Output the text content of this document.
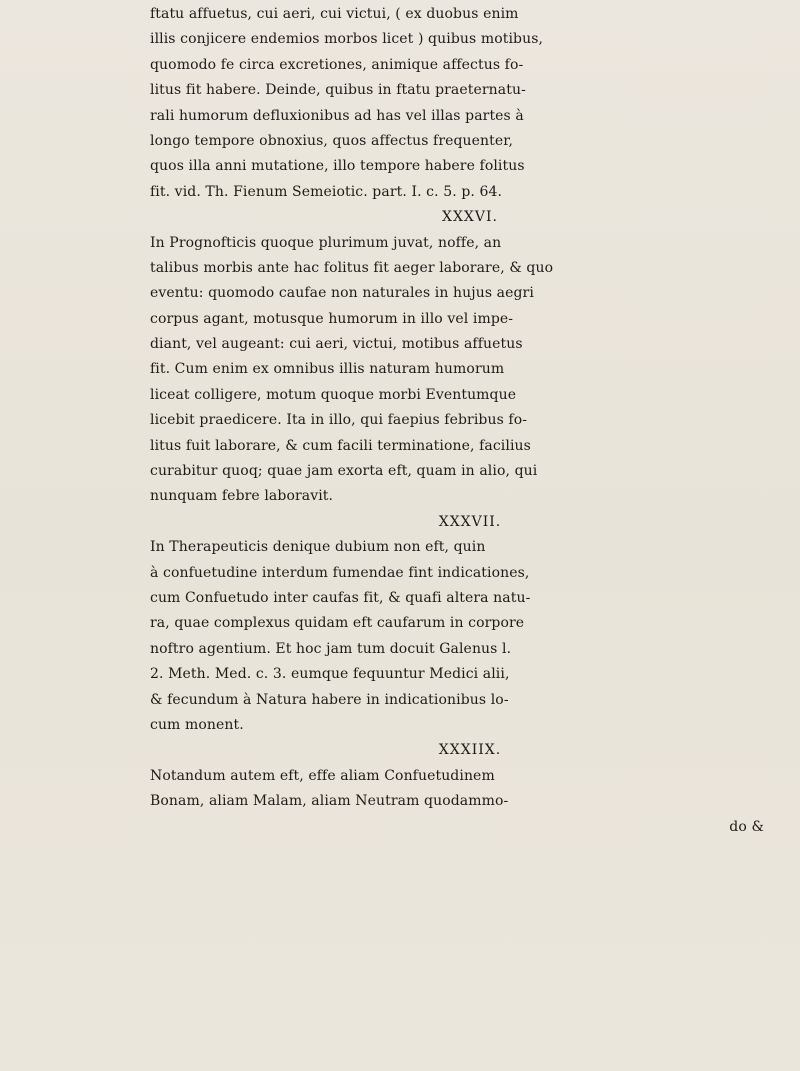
ftatu affuetus, cui aeri, cui victui, ( ex duobus enim
illis conjicere endemios morbos licet ) quibus motibus,
quomodo fe circa excretiones, animique affectus fo-
litus fit habere. Deinde, quibus in ftatu praeternatu-
rali humorum defluxionibus ad has vel illas partes à
longo tempore obnoxius, quos affectus frequenter,
quos illa anni mutatione, illo tempore habere folitus
fit. vid. Th. Fienum Semeiotic. part. I. c. 5. p. 64.
XXXVI.
In Prognofticis quoque plurimum juvat, noffe, an
talibus morbis ante hac folitus fit aeger laborare, & quo
eventu: quomodo caufae non naturales in hujus aegri
corpus agant, motusque humorum in illo vel impe-
diant, vel augeant: cui aeri, victui, motibus affuetus
fit. Cum enim ex omnibus illis naturam humorum
liceat colligere, motum quoque morbi Eventumque
licebit praedicere. Ita in illo, qui faepius febribus fo-
litus fuit laborare, & cum facili terminatione, facilius
curabitur quoq; quae jam exorta eft, quam in alio, qui
nunquam febre laboravit.
XXXVII.
In Therapeuticis denique dubium non eft, quin
à confuetudine interdum fumendae fint indicationes,
cum Confuetudo inter caufas fit, & quafi altera natu-
ra, quae complexus quidam eft caufarum in corpore
noftro agentium. Et hoc jam tum docuit Galenus l.
2. Meth. Med. c. 3. eumque fequuntur Medici alii,
& fecundum à Natura habere in indicationibus lo-
cum monent.
XXXIIX.
Notandum autem eft, effe aliam Confuetudinem
Bonam, aliam Malam, aliam Neutram quodammo-
do &
